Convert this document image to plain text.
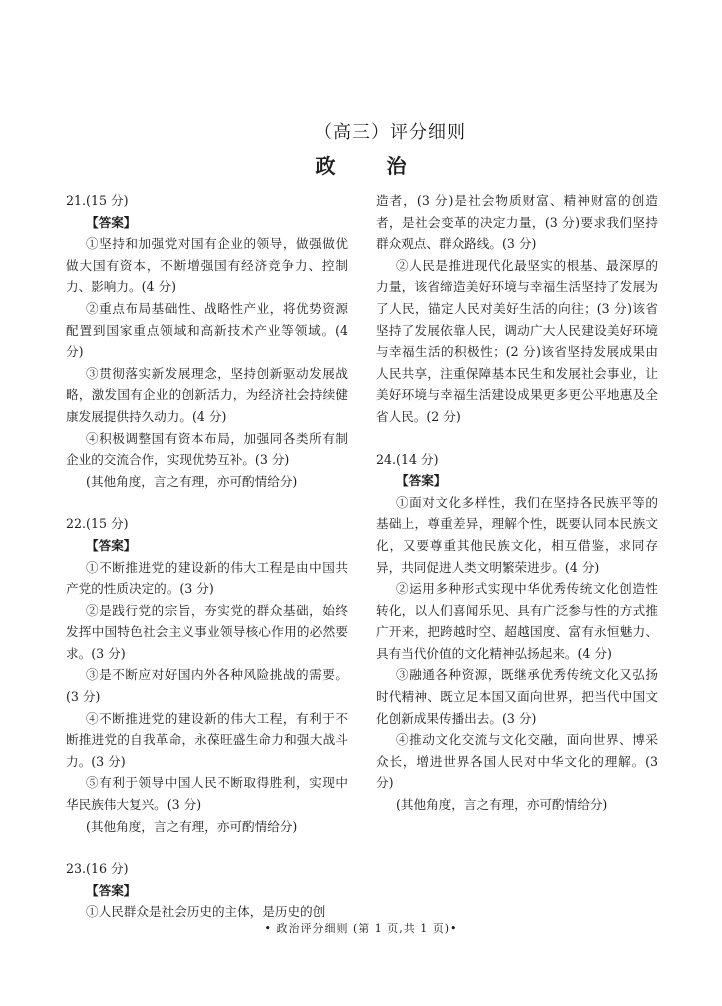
（高三）评分细则
政 治
21.(15 分)
【答案】
①坚持和加强党对国有企业的领导，做强做优做大国有资本，不断增强国有经济竞争力、控制力、影响力。(4 分)
②重点布局基础性、战略性产业，将优势资源配置到国家重点领域和高新技术产业等领域。(4 分)
③贯彻落实新发展理念，坚持创新驱动发展战略，激发国有企业的创新活力，为经济社会持续健康发展提供持久动力。(4 分)
④积极调整国有资本布局，加强同各类所有制企业的交流合作，实现优势互补。(3 分)
(其他角度，言之有理，亦可酌情给分)
22.(15 分)
【答案】
①不断推进党的建设新的伟大工程是由中国共产党的性质决定的。(3 分)
②是践行党的宗旨，夯实党的群众基础，始终发挥中国特色社会主义事业领导核心作用的必然要求。(3 分)
③是不断应对好国内外各种风险挑战的需要。(3 分)
④不断推进党的建设新的伟大工程，有利于不断推进党的自我革命，永葆旺盛生命力和强大战斗力。(3 分)
⑤有利于领导中国人民不断取得胜利，实现中华民族伟大复兴。(3 分)
(其他角度，言之有理，亦可酌情给分)
23.(16 分)
【答案】
①人民群众是社会历史的主体，是历史的创
造者，(3 分)是社会物质财富、精神财富的创造者，是社会变革的决定力量，(3 分)要求我们坚持群众观点、群众路线。(3 分)
②人民是推进现代化最坚实的根基、最深厚的力量，该省缔造美好环境与幸福生活坚持了发展为了人民，锚定人民对美好生活的向往；(3 分)该省坚持了发展依靠人民，调动广大人民建设美好环境与幸福生活的积极性；(2 分)该省坚持发展成果由人民共享，注重保障基本民生和发展社会事业，让美好环境与幸福生活建设成果更多更公平地惠及全省人民。(2 分)
24.(14 分)
【答案】
①面对文化多样性，我们在坚持各民族平等的基础上，尊重差异，理解个性，既要认同本民族文化，又要尊重其他民族文化，相互借鉴，求同存异，共同促进人类文明繁荣进步。(4 分)
②运用多种形式实现中华优秀传统文化创造性转化，以人们喜闻乐见、具有广泛参与性的方式推广开来，把跨越时空、超越国度、富有永恒魅力、具有当代价值的文化精神弘扬起来。(4 分)
③融通各种资源，既继承优秀传统文化又弘扬时代精神、既立足本国又面向世界，把当代中国文化创新成果传播出去。(3 分)
④推动文化交流与文化交融，面向世界、博采众长，增进世界各国人民对中华文化的理解。(3 分)
(其他角度，言之有理，亦可酌情给分)
• 政治评分细则 (第 1 页,共 1 页)•
